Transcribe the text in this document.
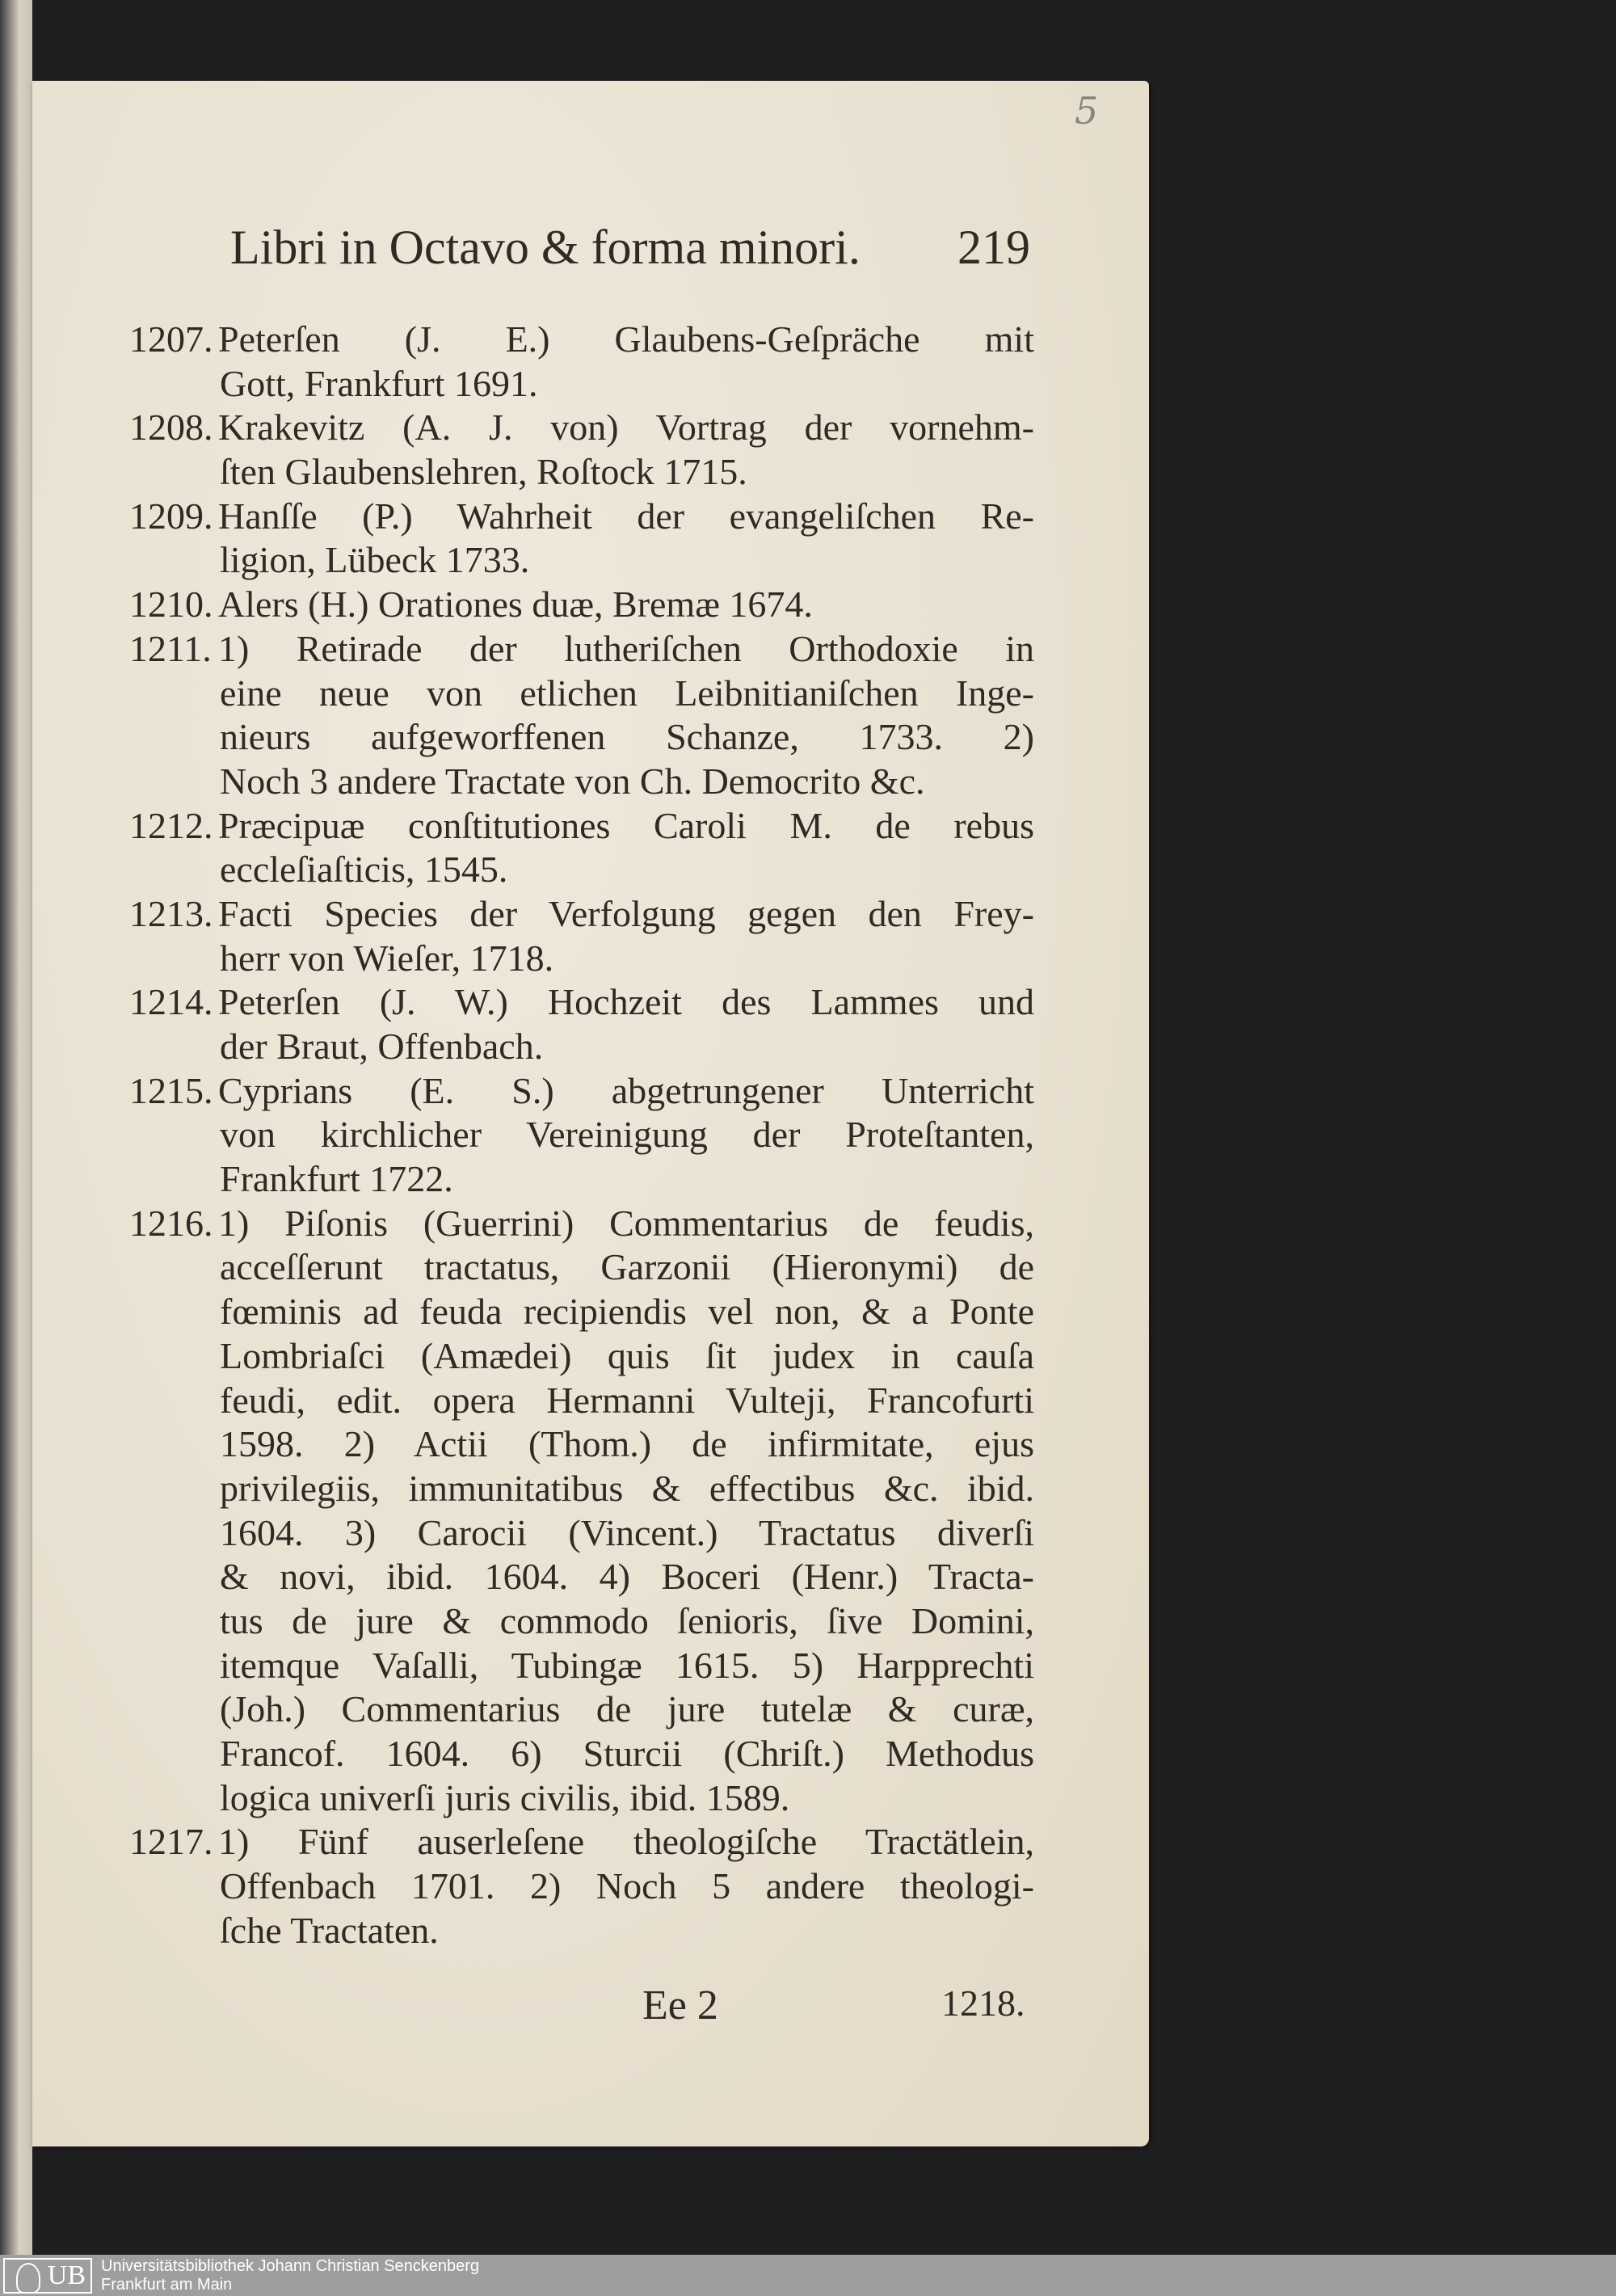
5
Libri in Octavo & forma minori. 219
1207. Peterſen (J. E.) Glaubens-Geſpräche mit
Gott, Frankfurt 1691.
1208. Krakevitz (A. J. von) Vortrag der vornehm-
ſten Glaubenslehren, Roſtock 1715.
1209. Hanſſe (P.) Wahrheit der evangeliſchen Re-
ligion, Lübeck 1733.
1210. Alers (H.) Orationes duæ, Bremæ 1674.
1211. 1) Retirade der lutheriſchen Orthodoxie in
eine neue von etlichen Leibnitianiſchen Inge-
nieurs aufgeworffenen Schanze, 1733. 2)
Noch 3 andere Tractate von Ch. Democrito &c.
1212. Præcipuæ conſtitutiones Caroli M. de rebus
eccleſiaſticis, 1545.
1213. Facti Species der Verfolgung gegen den Frey-
herr von Wieſer, 1718.
1214. Peterſen (J. W.) Hochzeit des Lammes und
der Braut, Offenbach.
1215. Cyprians (E. S.) abgetrungener Unterricht
von kirchlicher Vereinigung der Proteſtanten,
Frankfurt 1722.
1216. 1) Piſonis (Guerrini) Commentarius de feudis,
acceſſerunt tractatus, Garzonii (Hieronymi) de
fœminis ad feuda recipiendis vel non, & a Ponte
Lombriaſci (Amædei) quis ſit judex in cauſa
feudi, edit. opera Hermanni Vulteji, Francofurti
1598. 2) Actii (Thom.) de infirmitate, ejus
privilegiis, immunitatibus & effectibus &c. ibid.
1604. 3) Carocii (Vincent.) Tractatus diverſi
& novi, ibid. 1604. 4) Boceri (Henr.) Tracta-
tus de jure & commodo ſenioris, ſive Domini,
itemque Vaſalli, Tubingæ 1615. 5) Harpprechti
(Joh.) Commentarius de jure tutelæ & curæ,
Francof. 1604. 6) Sturcii (Chriſt.) Methodus
logica univerſi juris civilis, ibid. 1589.
1217. 1) Fünf auserleſene theologiſche Tractätlein,
Offenbach 1701. 2) Noch 5 andere theologi-
ſche Tractaten.
Ee 2	1218.
UB Universitätsbibliothek Johann Christian Senckenberg
Frankfurt am Main
